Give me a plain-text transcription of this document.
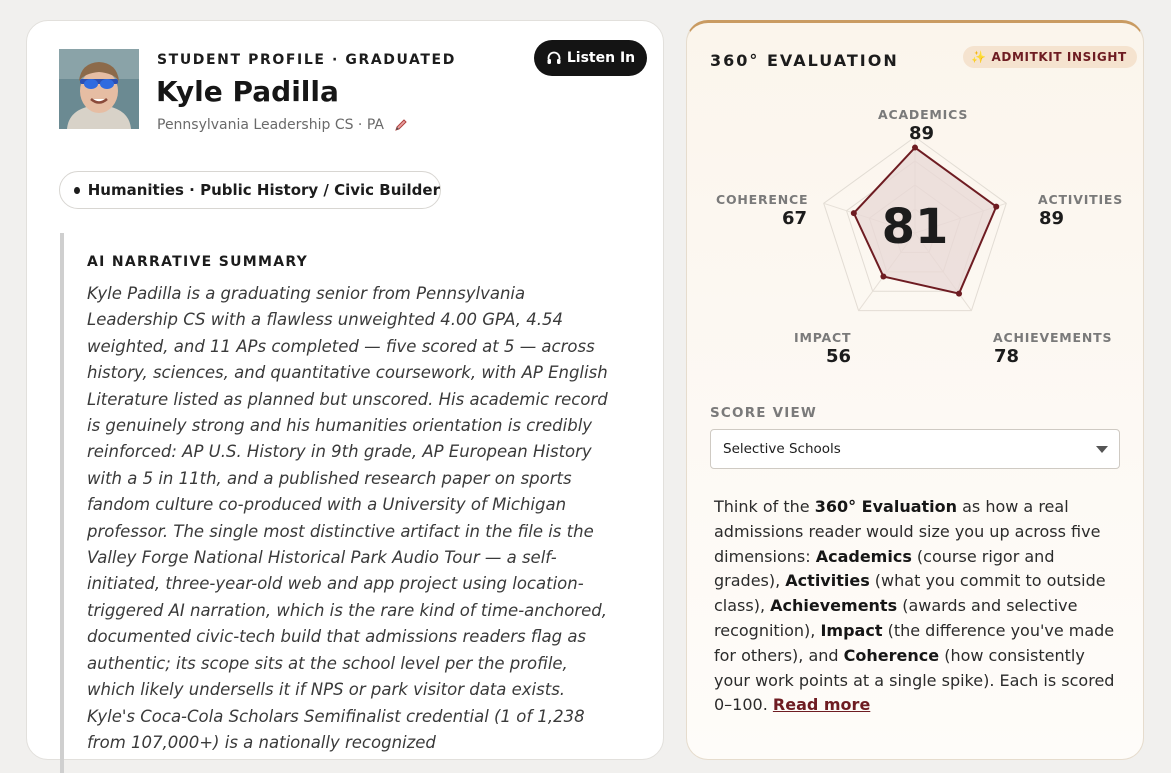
STUDENT PROFILE · GRADUATED
Kyle Padilla
Pennsylvania Leadership CS · PA
Listen In
Humanities · Public History / Civic Builder
AI NARRATIVE SUMMARY
Kyle Padilla is a graduating senior from Pennsylvania Leadership CS with a flawless unweighted 4.00 GPA, 4.54 weighted, and 11 APs completed — five scored at 5 — across history, sciences, and quantitative coursework, with AP English Literature listed as planned but unscored. His academic record is genuinely strong and his humanities orientation is credibly reinforced: AP U.S. History in 9th grade, AP European History with a 5 in 11th, and a published research paper on sports fandom culture co-produced with a University of Michigan professor. The single most distinctive artifact in the file is the Valley Forge National Historical Park Audio Tour — a self-initiated, three-year-old web and app project using location-triggered AI narration, which is the rare kind of time-anchored, documented civic-tech build that admissions readers flag as authentic; its scope sits at the school level per the profile, which likely undersells it if NPS or park visitor data exists. Kyle's Coca-Cola Scholars Semifinalist credential (1 of 1,238 from 107,000+) is a nationally recognized
360° EVALUATION	✨ ADMITKIT INSIGHT
ACADEMICS
89
ACTIVITIES
89
ACHIEVEMENTS
78
IMPACT
56
COHERENCE
67 81
SCORE VIEW
Selective Schools
Think of the 360° Evaluation as how a real admissions reader would size you up across five dimensions: Academics (course rigor and grades), Activities (what you commit to outside class), Achievements (awards and selective recognition), Impact (the difference you've made for others), and Coherence (how consistently your work points at a single spike). Each is scored 0–100. Read more
